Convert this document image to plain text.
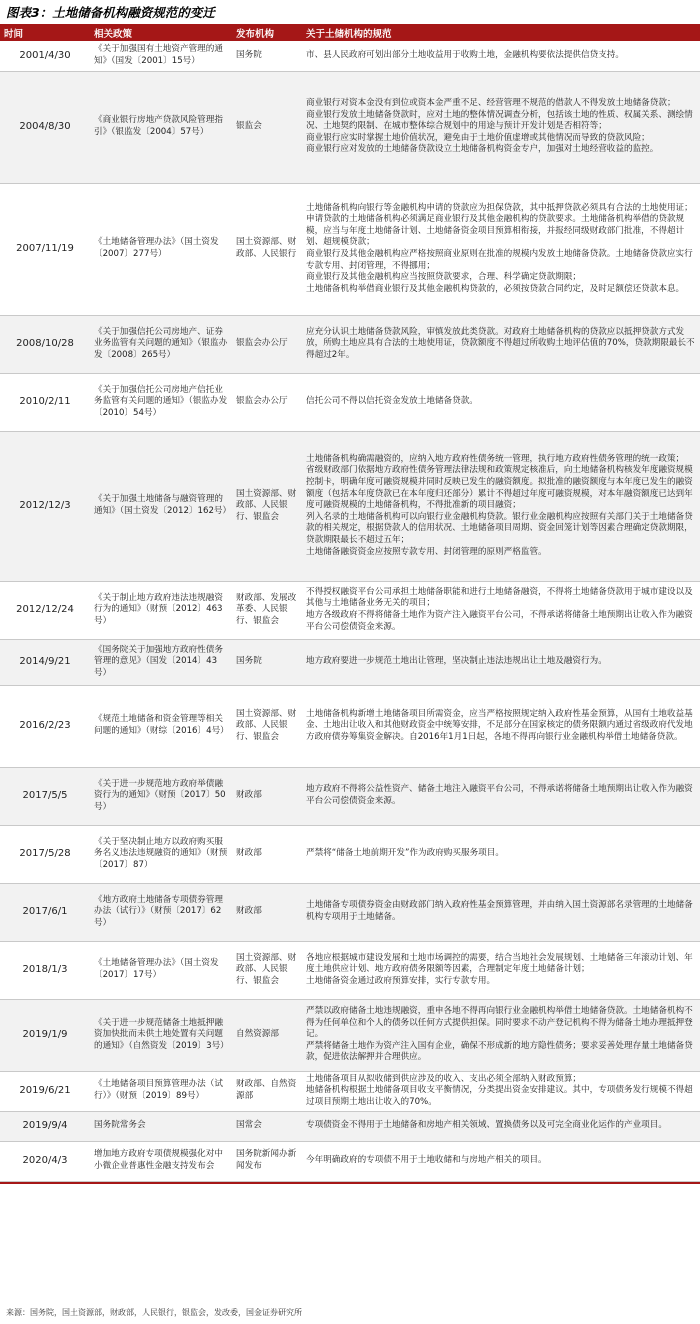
图表3：土地储备机构融资规范的变迁
时间	相关政策	发布机构	关于土储机构的规范
2001/4/30	《关于加强国有土地资产管理的通知》（国发〔2001〕15号）	国务院	市、县人民政府可划出部分土地收益用于收购土地，金融机构要依法提供信贷支持。

2004/8/30	《商业银行房地产贷款风险管理指引》（银监发〔2004〕57号）	银监会	商业银行对资本金没有到位或资本金严重不足、经营管理不规范的借款人不得发放土地储备贷款；
商业银行发放土地储备贷款时，应对土地的整体情况调查分析，包括该土地的性质、权属关系、测绘情况、土地契约限制、在城市整体综合规划中的用途与预计开发计划是否相符等；
商业银行应实时掌握土地价值状况，避免由于土地价值虚增或其他情况而导致的贷款风险；
商业银行应对发放的土地储备贷款设立土地储备机构资金专户，加强对土地经营收益的监控。

2007/11/19	《土地储备管理办法》（国土资发〔2007〕277号）	国土资源部、财政部、人民银行	土地储备机构向银行等金融机构申请的贷款应为担保贷款，其中抵押贷款必须具有合法的土地使用证；申请贷款的土地储备机构必须满足商业银行及其他金融机构的贷款要求。土地储备机构举借的贷款规模，应当与年度土地储备计划、土地储备资金项目预算相衔接，并报经同级财政部门批准，不得超计划、超规模贷款；
商业银行及其他金融机构应严格按照商业原则在批准的规模内发放土地储备贷款。土地储备贷款应实行专款专用、封闭管理，不得挪用；
商业银行及其他金融机构应当按照贷款要求，合理、科学确定贷款期限；
土地储备机构举借商业银行及其他金融机构贷款的，必须按贷款合同约定，及时足额偿还贷款本息。

2008/10/28	《关于加强信托公司房地产、证券业务监管有关问题的通知》（银监办发〔2008〕265号）	银监会办公厅	应充分认识土地储备贷款风险，审慎发放此类贷款。对政府土地储备机构的贷款应以抵押贷款方式发放，所购土地应具有合法的土地使用证，贷款额度不得超过所收购土地评估值的70%，贷款期限最长不得超过2年。

2010/2/11	《关于加强信托公司房地产信托业务监管有关问题的通知》（银监办发〔2010〕54号）	银监会办公厅	信托公司不得以信托资金发放土地储备贷款。

2012/12/3	《关于加强土地储备与融资管理的通知》（国土资发〔2012〕162号）	国土资源部、财政部、人民银行、银监会	土地储备机构确需融资的，应纳入地方政府性债务统一管理，执行地方政府性债务管理的统一政策；
省级财政部门依据地方政府性债务管理法律法规和政策规定核准后，向土地储备机构核发年度融资规模控制卡，明确年度可融资规模并同时反映已发生的融资额度。拟批准的融资额度与本年度已发生的融资额度（包括本年度贷款已在本年度归还部分）累计不得超过年度可融资规模，对本年融资额度已达到年度可融资规模的土地储备机构，不得批准新的项目融资；
列入名录的土地储备机构可以向银行业金融机构贷款。银行业金融机构应按照有关部门关于土地储备贷款的相关规定，根据贷款人的信用状况、土地储备项目周期、资金回笼计划等因素合理确定贷款期限，贷款期限最长不超过五年；
土地储备融资资金应按照专款专用、封闭管理的原则严格监管。

2012/12/24	《关于制止地方政府违法违规融资行为的通知》（财预〔2012〕463号）	财政部、发展改革委、人民银行、银监会	不得授权融资平台公司承担土地储备职能和进行土地储备融资，不得将土地储备贷款用于城市建设以及其他与土地储备业务无关的项目；
地方各级政府不得将储备土地作为资产注入融资平台公司，不得承诺将储备土地预期出让收入作为融资平台公司偿债资金来源。

2014/9/21	《国务院关于加强地方政府性债务管理的意见》（国发〔2014〕43号）	国务院	地方政府要进一步规范土地出让管理，坚决制止违法违规出让土地及融资行为。

2016/2/23	《规范土地储备和资金管理等相关问题的通知》（财综〔2016〕4号）	国土资源部、财政部、人民银行、银监会	土地储备机构新增土地储备项目所需资金，应当严格按照规定纳入政府性基金预算，从国有土地收益基金、土地出让收入和其他财政资金中统筹安排，不足部分在国家核定的债务限额内通过省级政府代发地方政府债券筹集资金解决。自2016年1月1日起，各地不得再向银行业金融机构举借土地储备贷款。

2017/5/5	《关于进一步规范地方政府举债融资行为的通知》（财预〔2017〕50号）	财政部	地方政府不得将公益性资产、储备土地注入融资平台公司，不得承诺将储备土地预期出让收入作为融资平台公司偿债资金来源。

2017/5/28	《关于坚决制止地方以政府购买服务名义违法违规融资的通知》（财预〔2017〕87）	财政部	严禁将“储备土地前期开发”作为政府购买服务项目。

2017/6/1	《地方政府土地储备专项债券管理办法（试行）》（财预〔2017〕62号）	财政部	土地储备专项债券资金由财政部门纳入政府性基金预算管理，并由纳入国土资源部名录管理的土地储备机构专项用于土地储备。

2018/1/3	《土地储备管理办法》（国土资发〔2017〕17号）	国土资源部、财政部、人民银行、银监会	各地应根据城市建设发展和土地市场调控的需要，结合当地社会发展规划、土地储备三年滚动计划、年度土地供应计划、地方政府债务限额等因素，合理制定年度土地储备计划；
土地储备资金通过政府预算安排，实行专款专用。

2019/1/9	《关于进一步规范储备土地抵押融资加快批而未供土地处置有关问题的通知》（自然资发〔2019〕3号）	自然资源部	严禁以政府储备土地违规融资，重申各地不得再向银行业金融机构举借土地储备贷款。土地储备机构不得为任何单位和个人的债务以任何方式提供担保。同时要求不动产登记机构不得为储备土地办理抵押登记。
严禁将储备土地作为资产注入国有企业，确保不形成新的地方隐性债务；要求妥善处理存量土地储备贷款，促进依法解押并合理供应。

2019/6/21	《土地储备项目预算管理办法（试行）》（财预〔2019〕89号）	财政部、自然资源部	土地储备项目从拟收储到供应涉及的收入、支出必须全部纳入财政预算；
地储备机构根据土地储备项目收支平衡情况，分类提出资金安排建议。其中，专项债务发行规模不得超过项目预期土地出让收入的70%。

2019/9/4	国务院常务会	国常会	专项债资金不得用于土地储备和房地产相关领域、置换债务以及可完全商业化运作的产业项目。

2020/4/3	增加地方政府专项债规模强化对中小微企业普惠性金融支持发布会	国务院新闻办新闻发布	今年明确政府的专项债不用于土地收储和与房地产相关的项目。
来源：国务院，国土资源部，财政部，人民银行，银监会，发改委，国金证券研究所
